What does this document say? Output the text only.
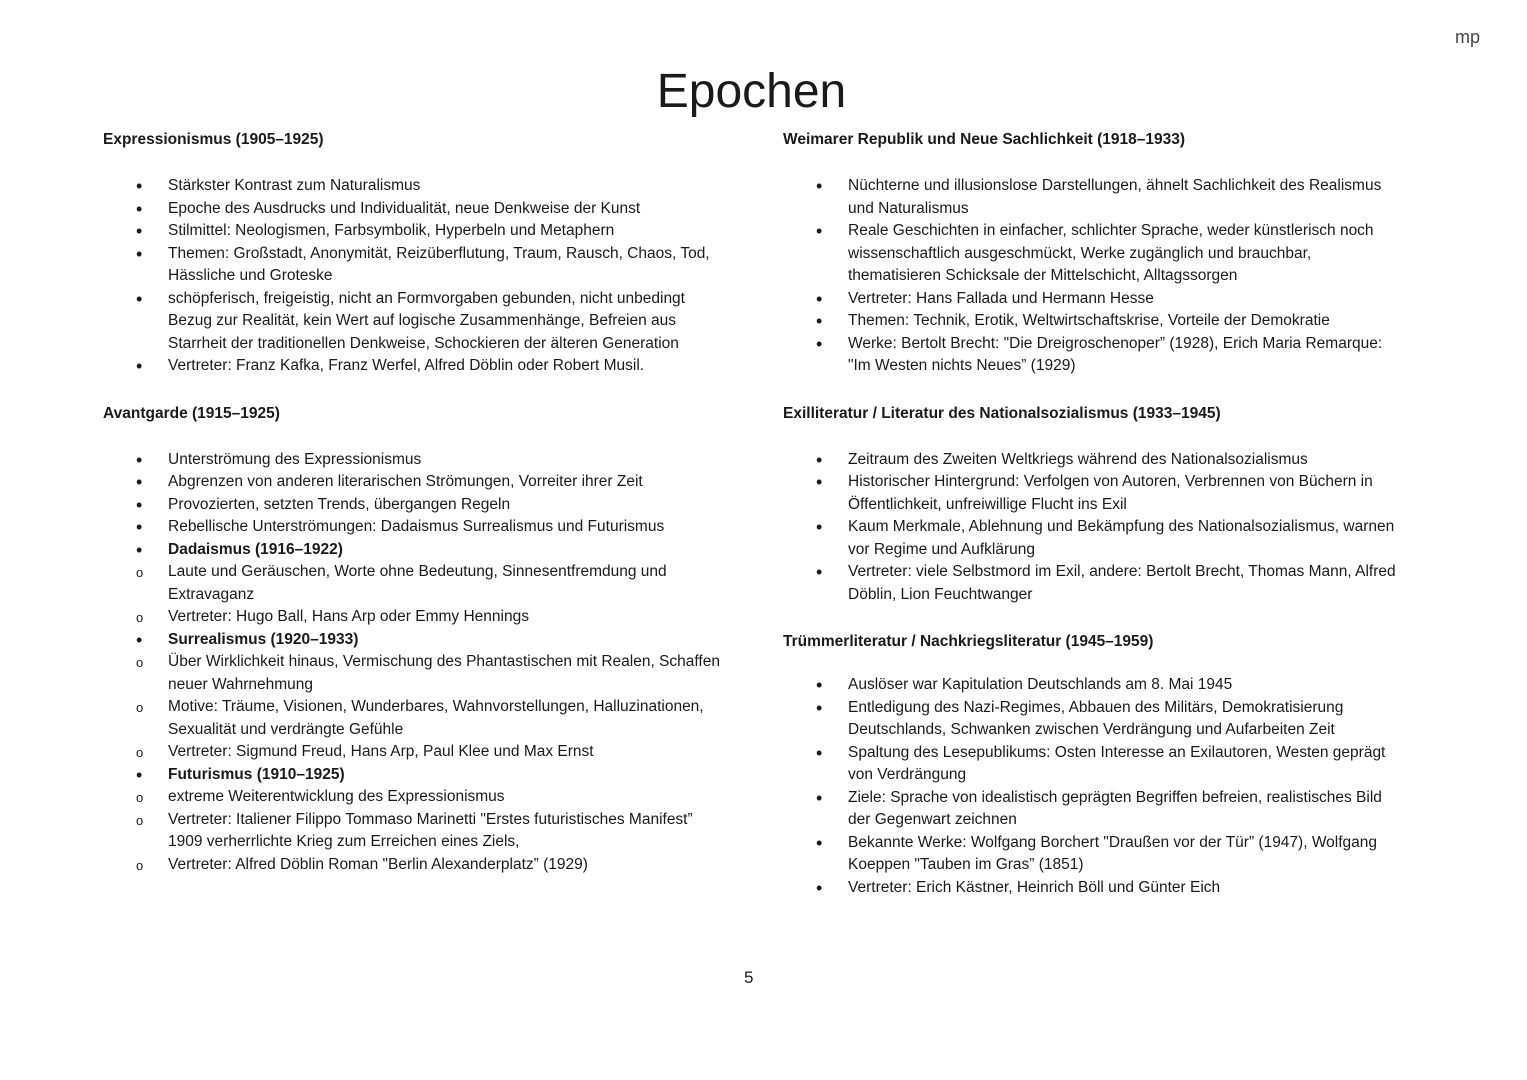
mp
Epochen
Expressionismus (1905–1925)
• Stärkster Kontrast zum Naturalismus
• Epoche des Ausdrucks und Individualität, neue Denkweise der Kunst
• Stilmittel: Neologismen, Farbsymbolik, Hyperbeln und Metaphern
• Themen: Großstadt, Anonymität, Reizüberflutung, Traum, Rausch, Chaos, Tod, Hässliche und Groteske
• schöpferisch, freigeistig, nicht an Formvorgaben gebunden, nicht unbedingt Bezug zur Realität, kein Wert auf logische Zusammenhänge, Befreien aus Starrheit der traditionellen Denkweise, Schockieren der älteren Generation
• Vertreter: Franz Kafka, Franz Werfel, Alfred Döblin oder Robert Musil.
Avantgarde (1915–1925)
• Unterströmung des Expressionismus
• Abgrenzen von anderen literarischen Strömungen, Vorreiter ihrer Zeit
• Provozierten, setzten Trends, übergangen Regeln
• Rebellische Unterströmungen: Dadaismus Surrealismus und Futurismus
• Dadaismus (1916–1922)
o Laute und Geräuschen, Worte ohne Bedeutung, Sinnesentfremdung und Extravaganz
o Vertreter: Hugo Ball, Hans Arp oder Emmy Hennings
• Surrealismus (1920–1933)
o Über Wirklichkeit hinaus, Vermischung des Phantastischen mit Realen, Schaffen neuer Wahrnehmung
o Motive: Träume, Visionen, Wunderbares, Wahnvorstellungen, Halluzinationen, Sexualität und verdrängte Gefühle
o Vertreter: Sigmund Freud, Hans Arp, Paul Klee und Max Ernst
• Futurismus (1910–1925)
o extreme Weiterentwicklung des Expressionismus
o Vertreter: Italiener Filippo Tommaso Marinetti "Erstes futuristisches Manifest” 1909 verherrlichte Krieg zum Erreichen eines Ziels,
o Vertreter: Alfred Döblin Roman "Berlin Alexanderplatz” (1929)
Weimarer Republik und Neue Sachlichkeit (1918–1933)
• Nüchterne und illusionslose Darstellungen, ähnelt Sachlichkeit des Realismus und Naturalismus
• Reale Geschichten in einfacher, schlichter Sprache, weder künstlerisch noch wissenschaftlich ausgeschmückt, Werke zugänglich und brauchbar, thematisieren Schicksale der Mittelschicht, Alltagssorgen
• Vertreter: Hans Fallada und Hermann Hesse
• Themen: Technik, Erotik, Weltwirtschaftskrise, Vorteile der Demokratie
• Werke: Bertolt Brecht: "Die Dreigroschenoper” (1928), Erich Maria Remarque: "Im Westen nichts Neues” (1929)
Exilliteratur / Literatur des Nationalsozialismus (1933–1945)
• Zeitraum des Zweiten Weltkriegs während des Nationalsozialismus
• Historischer Hintergrund: Verfolgen von Autoren, Verbrennen von Büchern in Öffentlichkeit, unfreiwillige Flucht ins Exil
• Kaum Merkmale, Ablehnung und Bekämpfung des Nationalsozialismus, warnen vor Regime und Aufklärung
• Vertreter: viele Selbstmord im Exil, andere: Bertolt Brecht, Thomas Mann, Alfred Döblin, Lion Feuchtwanger
Trümmerliteratur / Nachkriegsliteratur (1945–1959)
• Auslöser war Kapitulation Deutschlands am 8. Mai 1945
• Entledigung des Nazi-Regimes, Abbauen des Militärs, Demokratisierung Deutschlands, Schwanken zwischen Verdrängung und Aufarbeiten Zeit
• Spaltung des Lesepublikums: Osten Interesse an Exilautoren, Westen geprägt von Verdrängung
• Ziele: Sprache von idealistisch geprägten Begriffen befreien, realistisches Bild der Gegenwart zeichnen
• Bekannte Werke: Wolfgang Borchert "Draußen vor der Tür” (1947), Wolfgang Koeppen "Tauben im Gras” (1851)
• Vertreter: Erich Kästner, Heinrich Böll und Günter Eich
5
